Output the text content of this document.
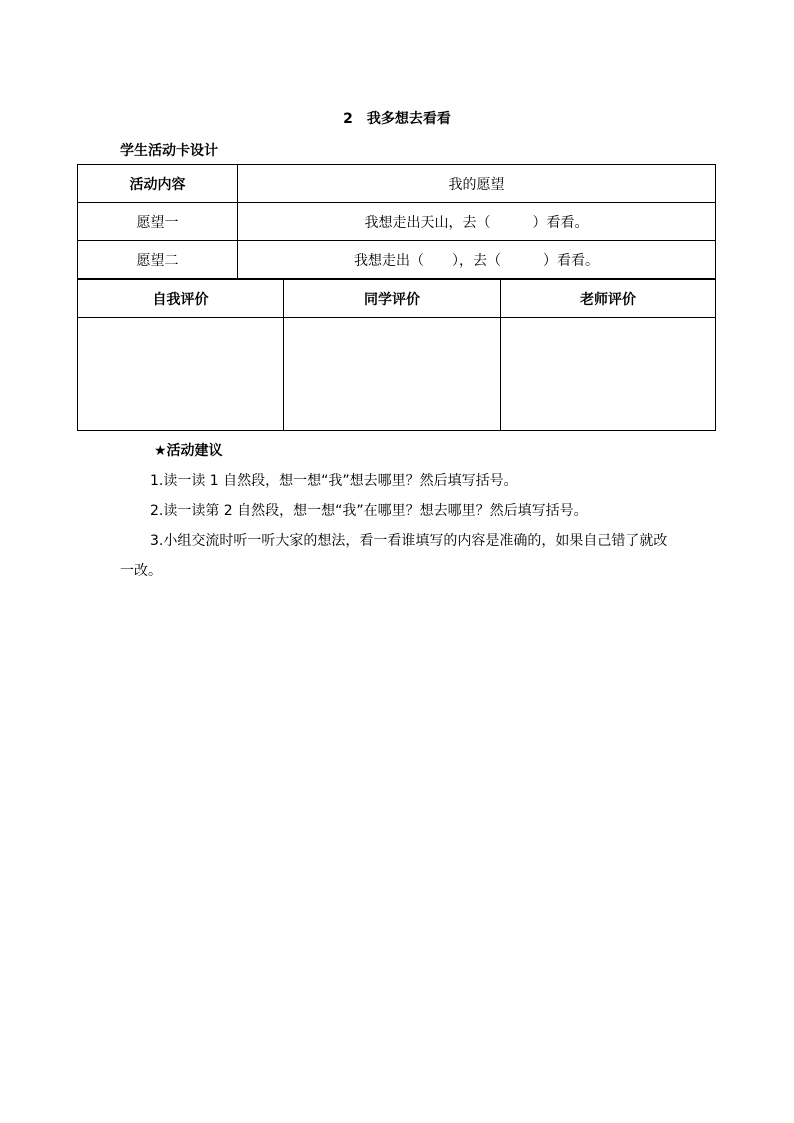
2　我多想去看看
学生活动卡设计
活动内容	我的愿望
愿望一	我想走出天山，去（　　　）看看。
愿望二	我想走出（　　），去（　　　）看看。
自我评价	同学评价	老师评价

★活动建议

1.读一读 1 自然段，想一想“我”想去哪里？然后填写括号。

2.读一读第 2 自然段，想一想“我”在哪里？想去哪里？然后填写括号。

3.小组交流时听一听大家的想法，看一看谁填写的内容是准确的，如果自己错了就改一改。
